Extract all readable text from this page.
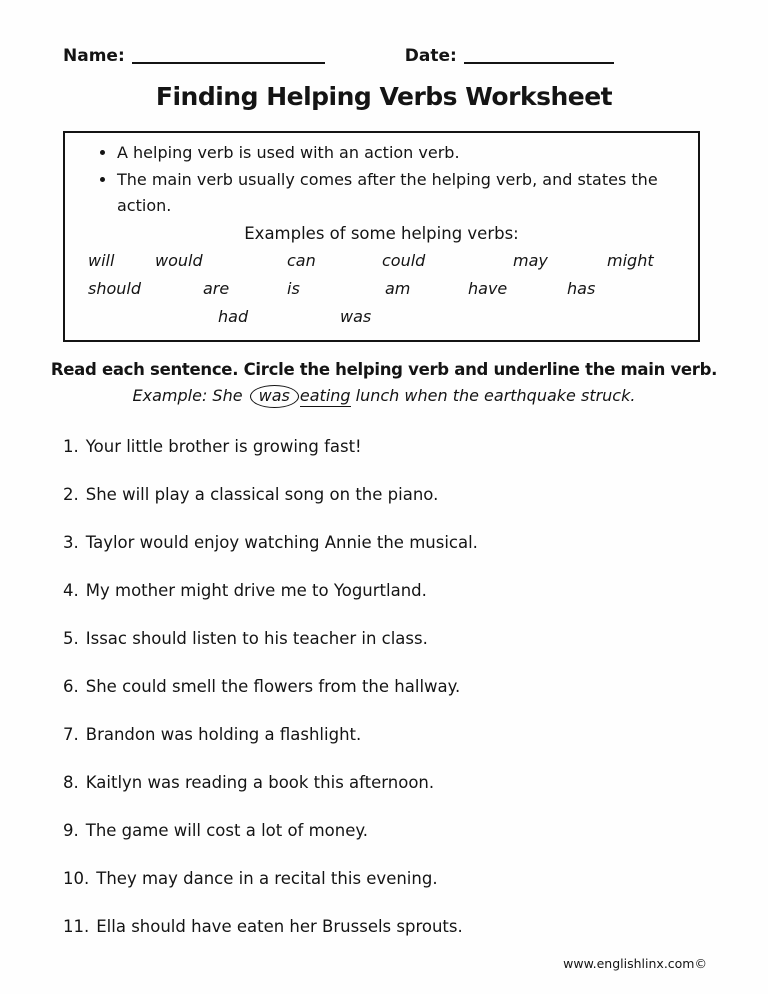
Name:	Date:
Finding Helping Verbs Worksheet
• A helping verb is used with an action verb.
• The main verb usually comes after the helping verb, and states the action.
Examples of some helping verbs:
will	would	can	could	may	might
should	are	is	am	have	has
had	was
Read each sentence. Circle the helping verb and underline the main verb.
Example: She was eating lunch when the earthquake struck.
1. Your little brother is growing fast!
2. She will play a classical song on the piano.
3. Taylor would enjoy watching Annie the musical.
4. My mother might drive me to Yogurtland.
5. Issac should listen to his teacher in class.
6. She could smell the flowers from the hallway.
7. Brandon was holding a flashlight.
8. Kaitlyn was reading a book this afternoon.
9. The game will cost a lot of money.
10. They may dance in a recital this evening.
11. Ella should have eaten her Brussels sprouts.
www.englishlinx.com©
